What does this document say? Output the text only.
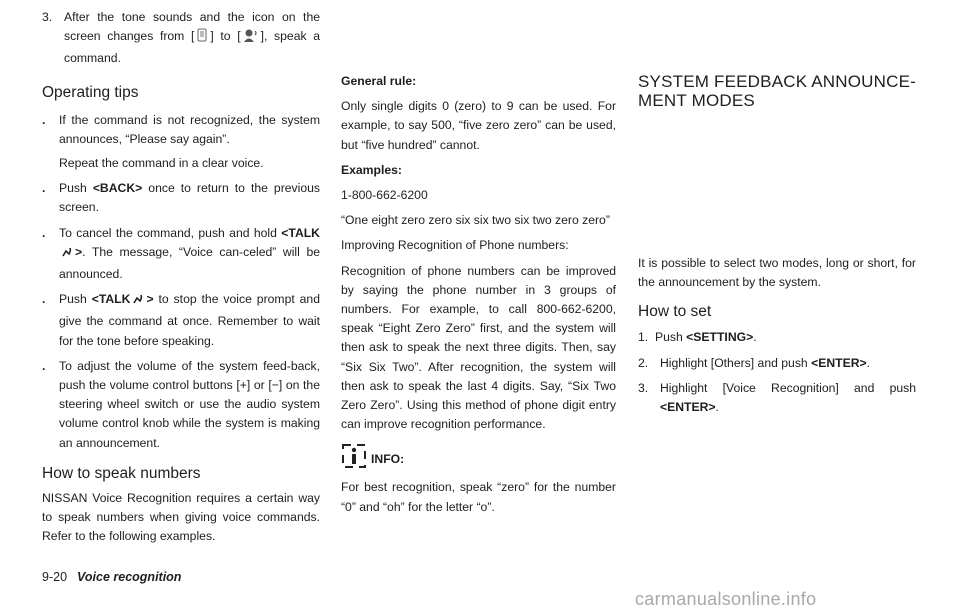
3. After the tone sounds and the icon on the screen changes from [ ] to [ ], speak a command.
Operating tips
. If the command is not recognized, the system announces, “Please say again”.

Repeat the command in a clear voice.

. Push <BACK> once to return to the previous screen.
. To cancel the command, push and hold <TALK>. The message, “Voice can-celed” will be announced.
. Push <TALK > to stop the voice prompt and give the command at once. Remember to wait for the tone before speaking.
. To adjust the volume of the system feed-back, push the volume control buttons [+] or [−] on the steering wheel switch or use the audio system volume control knob while the system is making an announcement.
How to speak numbers

NISSAN Voice Recognition requires a certain way to speak numbers when giving voice commands. Refer to the following examples.

General rule:

Only single digits 0 (zero) to 9 can be used. For example, to say 500, “five zero zero” can be used, but “five hundred” cannot.

Examples:

1-800-662-6200

“One eight zero zero six six two six two zero zero”

Improving Recognition of Phone numbers:

Recognition of phone numbers can be improved by saying the phone number in 3 groups of numbers. For example, to call 800-662-6200, speak “Eight Zero Zero” first, and the system will then ask to speak the next three digits. Then, say “Six Six Two”. After recognition, the system will then ask to speak the last 4 digits. Say, “Six Two Zero Zero”. Using this method of phone digit entry can improve recognition performance.

INFO:

For best recognition, speak “zero” for the number “0” and “oh” for the letter “o”.

SYSTEM FEEDBACK ANNOUNCE-
MENT MODES

It is possible to select two modes, long or short, for the announcement by the system.

How to set
1. Push <SETTING>.
2. Highlight [Others] and push <ENTER>.
3. Highlight [Voice Recognition] and push <ENTER>.
9-20 Voice recognition
carmanualsonline.info
